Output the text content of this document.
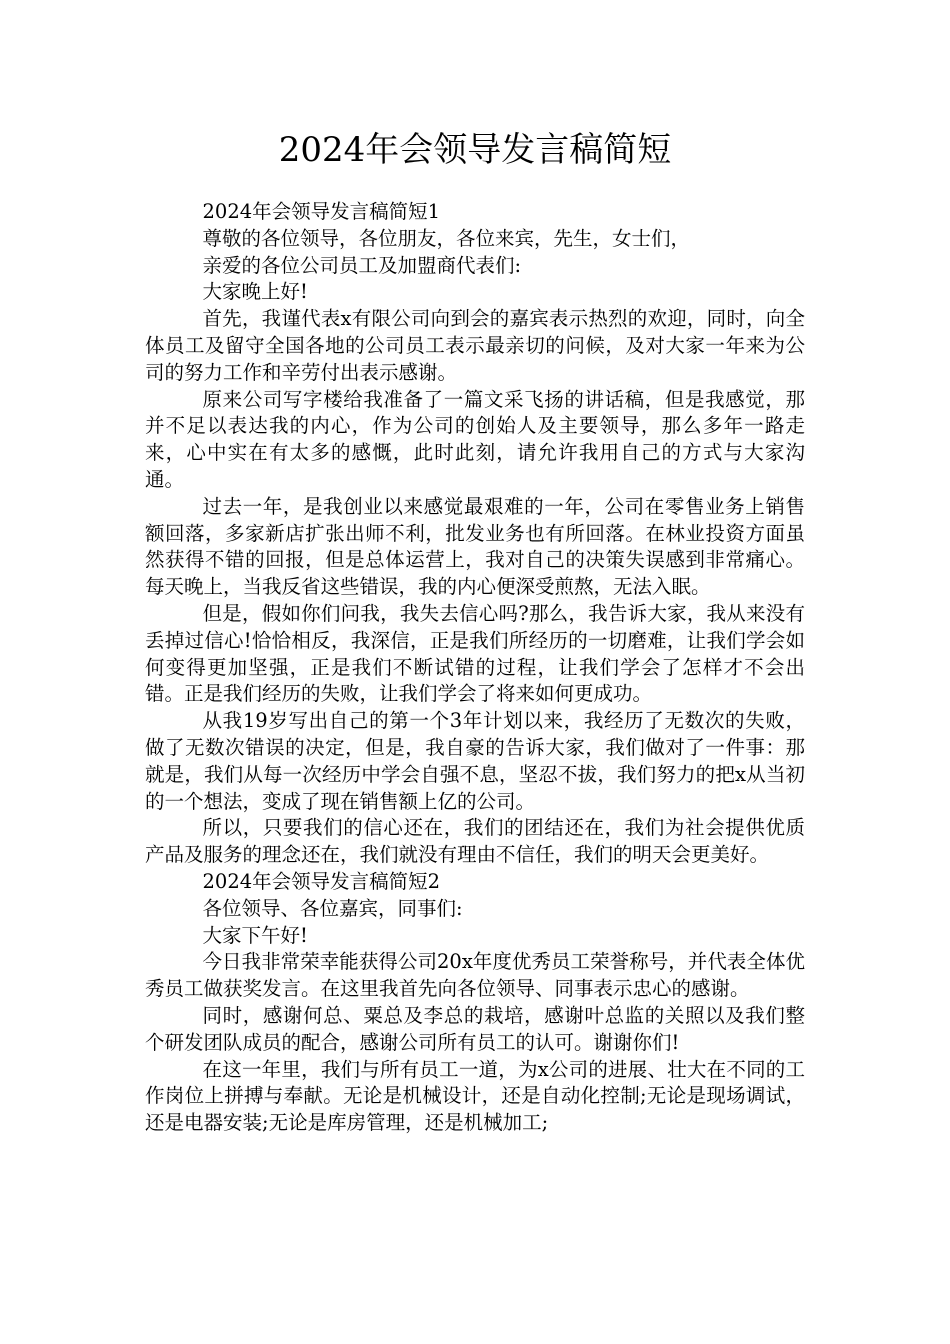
2024年会领导发言稿简短

2024年会领导发言稿简短1

尊敬的各位领导，各位朋友，各位来宾，先生，女士们，

亲爱的各位公司员工及加盟商代表们:

大家晚上好!

首先，我谨代表x有限公司向到会的嘉宾表示热烈的欢迎，同时，向全体员工及留守全国各地的公司员工表示最亲切的问候，及对大家一年来为公司的努力工作和辛劳付出表示感谢。

原来公司写字楼给我准备了一篇文采飞扬的讲话稿，但是我感觉，那并不足以表达我的内心，作为公司的创始人及主要领导，那么多年一路走来，心中实在有太多的感慨，此时此刻，请允许我用自己的方式与大家沟通。

过去一年，是我创业以来感觉最艰难的一年，公司在零售业务上销售额回落，多家新店扩张出师不利，批发业务也有所回落。在林业投资方面虽然获得不错的回报，但是总体运营上，我对自己的决策失误感到非常痛心。每天晚上，当我反省这些错误，我的内心便深受煎熬，无法入眠。

但是，假如你们问我，我失去信心吗?那么，我告诉大家，我从来没有丢掉过信心!恰恰相反，我深信，正是我们所经历的一切磨难，让我们学会如何变得更加坚强，正是我们不断试错的过程，让我们学会了怎样才不会出错。正是我们经历的失败，让我们学会了将来如何更成功。

从我19岁写出自己的第一个3年计划以来，我经历了无数次的失败，做了无数次错误的决定，但是，我自豪的告诉大家，我们做对了一件事：那就是，我们从每一次经历中学会自强不息，坚忍不拔，我们努力的把x从当初的一个想法，变成了现在销售额上亿的公司。

所以，只要我们的信心还在，我们的团结还在，我们为社会提供优质产品及服务的理念还在，我们就没有理由不信任，我们的明天会更美好。

2024年会领导发言稿简短2

各位领导、各位嘉宾，同事们:

大家下午好!

今日我非常荣幸能获得公司20x年度优秀员工荣誉称号，并代表全体优秀员工做获奖发言。在这里我首先向各位领导、同事表示忠心的感谢。

同时，感谢何总、粟总及李总的栽培，感谢叶总监的关照以及我们整个研发团队成员的配合，感谢公司所有员工的认可。谢谢你们!

在这一年里，我们与所有员工一道，为x公司的进展、壮大在不同的工作岗位上拼搏与奉献。无论是机械设计，还是自动化控制;无论是现场调试，还是电器安装;无论是库房管理，还是机械加工;
